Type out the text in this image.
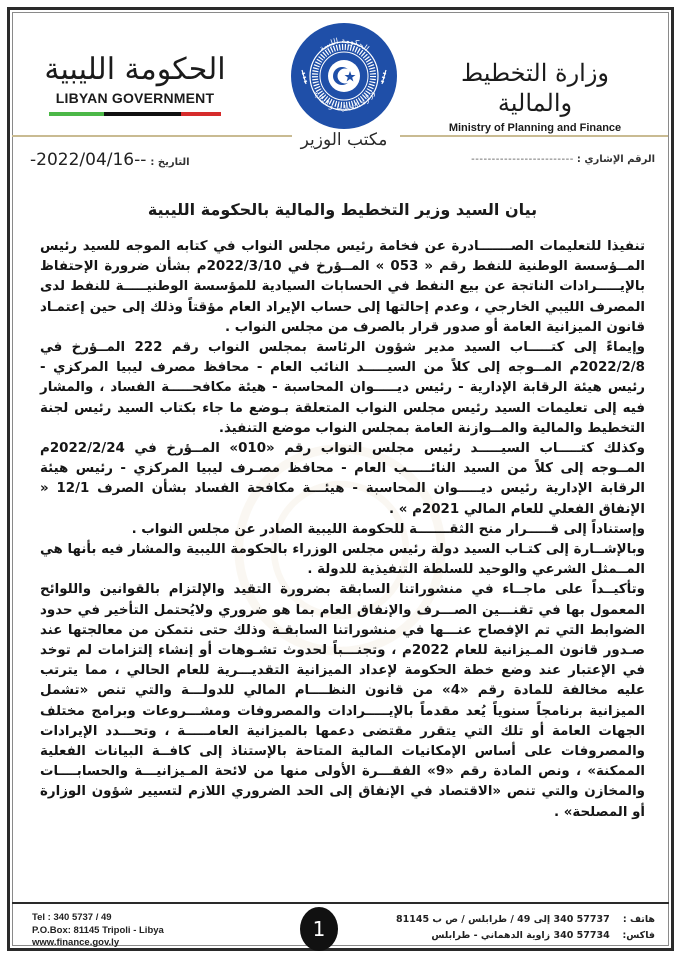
الحكومة الليبية
LIBYAN GOVERNMENT
الحكومة الليبية
وزارة التخطيط و المالية
مكتب الوزير
وزارة التخطيط والمالية
Ministry of Planning and Finance
التاريخ :
-2022/04/16--	الرقم الإشاري :
-------------------------
بيان السيد وزير التخطيط والمالية بالحكومة الليبية

تنفيذا للتعليمات الصـــــــادرة عن فخامة رئيس مجلس النواب في كتابه الموجه للسيد رئيس المــؤسسة الوطنية للنفط رقم « 053 » المــؤرخ في 2022/3/10م بشأن ضرورة الإحتفاظ بالإيـــــرادات الناتجة عن بيع النفط في الحسابات السيادية للمؤسسة الوطنيـــــة للنفط لدى المصرف الليبي الخارجي ، وعدم إحالتها إلى حساب الإيراد العام مؤقتاً وذلك إلى حين إعتمـاد قانون الميزانية العامة أو صدور قرار بالصرف من مجلس النواب .

وإيماءً إلى كتـــــاب السيد مدير شؤون الرئاسة بمجلس النواب رقم 222 المــؤرخ في 2022/2/8م المــوجه إلى كلاً من السيـــــد النائب العام - محافظ مصرف ليبيا المركزي - رئيس هيئة الرقابة الإدارية - رئيس ديـــــوان المحاسبة - هيئة مكافحـــــة الفساد ، والمشار فيه إلى تعليمات السيد رئيس مجلس النواب المتعلقة بـوضع ما جاء بكتاب السيد رئيس لجنة التخطيط والمالية والمــوازنة العامة بمجلس النواب موضع التنفيذ.

وكذلك كتـــــاب السيـــــد رئيس مجلس النواب رقم «010» المــؤرخ في 2022/2/24م المــوجه إلى كلاً من السيد النائـــــب العام - محافظ مصـرف ليبيا المركزي - رئيس هيئة الرقابة الإدارية رئيس ديـــــوان المحاسبة - هيئـــة مكافحة الفساد بشأن الصرف 12/1 « الإنفاق الفعلي للعام المالي 2021م » .

وإستناداً إلى قـــــرار منح الثقـــــــة للحكومة الليبية الصادر عن مجلس النواب .

وبالإشــارة إلى كتـاب السيد دولة رئيس مجلس الوزراء بالحكومة الليبية والمشار فيه بأنها هي المــمثل الشرعي والوحيد للسلطة التنفيذية للدولة .

وتأكيــداً على ماجــاء في منشوراتنا السابقة بضرورة التقيد والإلتزام بالقوانين واللوائح المعمول بها في تقنـــين الصـــرف والإنفاق العام بما هو ضروري ولايُحتمل التأخير في حدود الضوابط التي تم الإفصاح عنـــها في منشوراتنا السابقـة وذلك حتى نتمكن من معالجتها عند صـدور قانون المـيزانية للعام 2022م ، وتجنـــباً لحدوث تشـوهات أو إنشاء إلتزامات لم توخد في الإعتبار عند وضع خطة الحكومة لإعداد الميزانية التقديـــرية للعام الحالي ، مما يترتب عليه مخالفة للمادة رقم «4» من قانون النظــــام المالي للدولـــة والتي تنص «تشمل الميزانية برنامجاً سنوياً يُعد مقدماً بالإيـــــرادات والمصروفات ومشـــروعات وبرامج مختلف الجهات العامة أو تلك التي يتقرر مقتضى دعمها بالميزانية العامـــــة ، وتحـــدد الإيرادات والمصروفات على أساس الإمكانيات المالية المتاحة بالإستناذ إلى كافــة البيانات الفعلية الممكنة» ، ونص المادة رقم «9» الفقـــرة الأولى منها من لائحة المـيزانيـــة والحسابــــات والمخازن والتي تنص «الاقتصاد في الإنفاق إلى الحد الضروري اللازم لتسيير شؤون الوزارة أو المصلحة» .

Tel : 340 5737 / 49
P.O.Box: 81145 Tripoli - Libya
www.finance.gov.ly
1	هاتف : 57737 340 إلى 49 / طرابلس / ص ب 81145
فاكس: 57734 340 زاوية الدهماني - طرابلس
